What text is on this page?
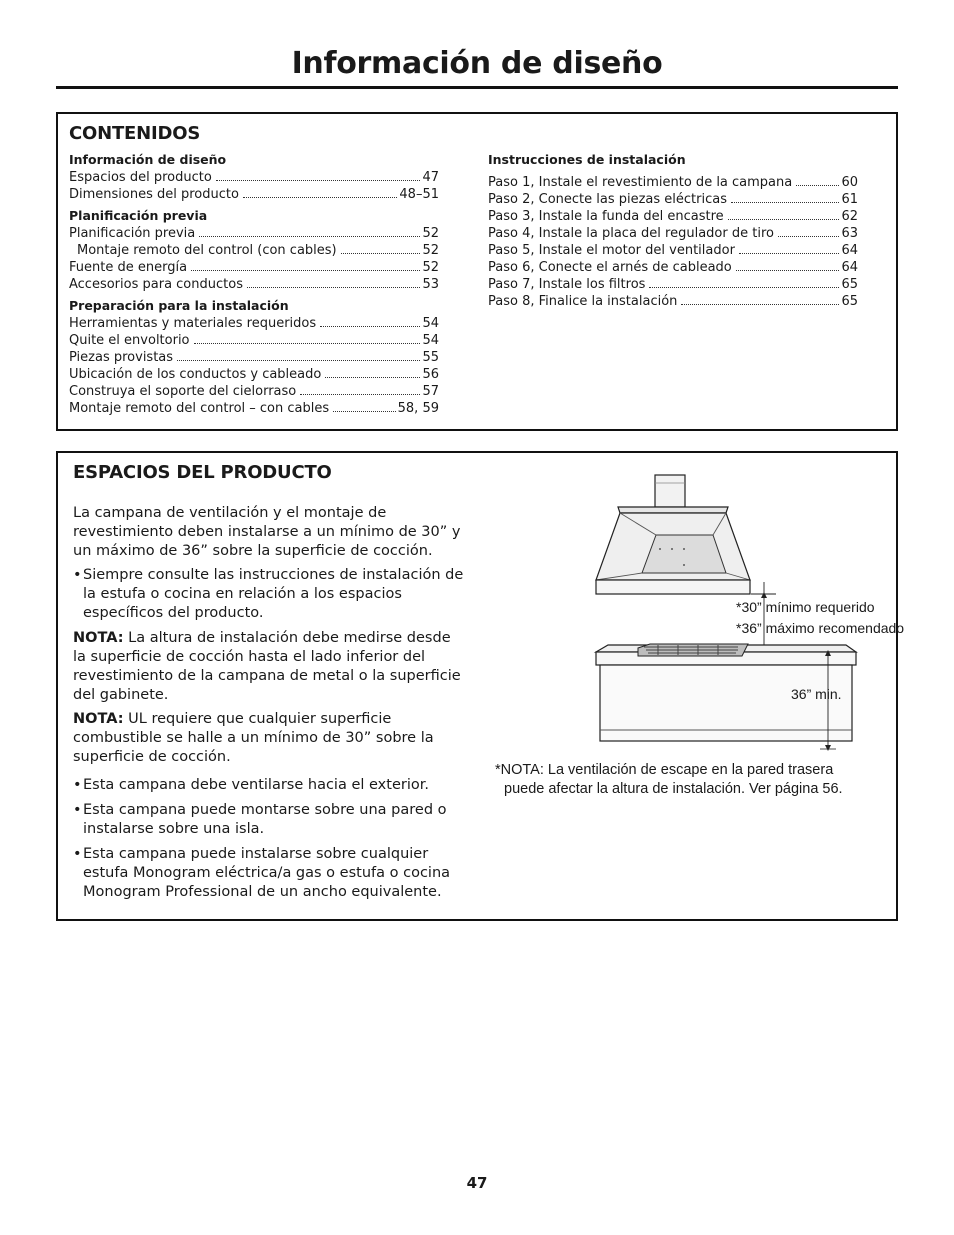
Información de diseño
CONTENIDOS
Información de diseño
Espacios del producto	47
Dimensiones del producto	48–51
Planificación previa
Planificación previa	52
Montaje remoto del control (con cables)	52
Fuente de energía	52
Accesorios para conductos	53
Preparación para la instalación
Herramientas y materiales requeridos	54
Quite el envoltorio	54
Piezas provistas	55
Ubicación de los conductos y cableado	56
Construya el soporte del cielorraso	57
Montaje remoto del control – con cables	58, 59
Instrucciones de instalación
Paso 1, Instale el revestimiento de la campana	60
Paso 2, Conecte las piezas eléctricas	61
Paso 3, Instale la funda del encastre	62
Paso 4, Instale la placa del regulador de tiro	63
Paso 5, Instale el motor del ventilador	64
Paso 6, Conecte el arnés de cableado	64
Paso 7, Instale los filtros	65
Paso 8, Finalice la instalación	65
ESPACIOS DEL PRODUCTO

La campana de ventilación y el montaje de revestimiento deben instalarse a un mínimo de 30” y un máximo de 36” sobre la superficie de cocción.

• Siempre consulte las instrucciones de instalación de la estufa o cocina en relación a los espacios específicos del producto.

NOTA: La altura de instalación debe medirse desde la superficie de cocción hasta el lado inferior del revestimiento de la campana de metal o la superficie del gabinete.

NOTA: UL requiere que cualquier superficie combustible se halle a un mínimo de 30” sobre la superficie de cocción.

• Esta campana debe ventilarse hacia el exterior.
• Esta campana puede montarse sobre una pared o instalarse sobre una isla.
• Esta campana puede instalarse sobre cualquier estufa Monogram eléctrica/a gas o estufa o cocina Monogram Professional de un ancho equivalente.
*30” mínimo requerido
*36” máximo recomendado
36” min.
*NOTA: La ventilación de escape en la pared trasera
puede afectar la altura de instalación. Ver página 56.
47
